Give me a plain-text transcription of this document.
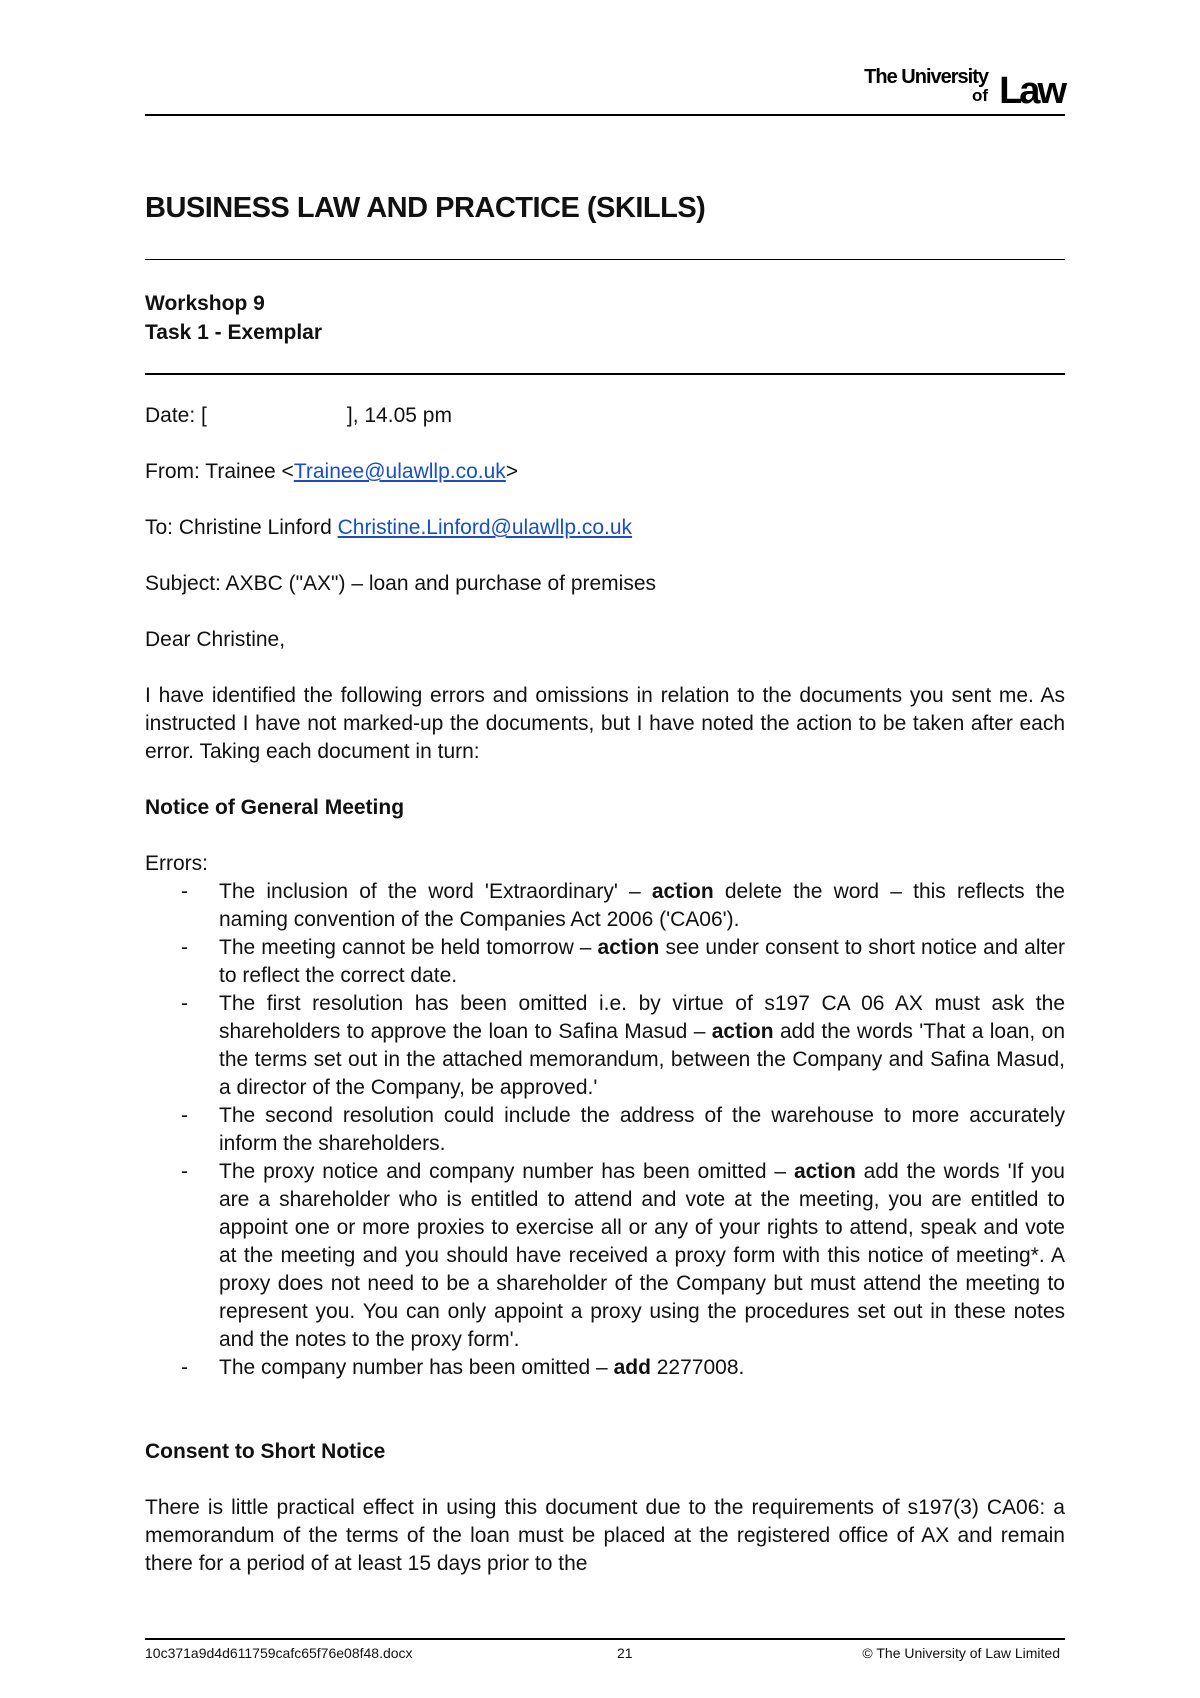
The University
of Law
BUSINESS LAW AND PRACTICE (SKILLS)
Workshop 9
Task 1 - Exemplar

Date: [	], 14.05 pm

From: Trainee <Trainee@ulawllp.co.uk>

To: Christine Linford Christine.Linford@ulawllp.co.uk

Subject: AXBC ("AX") – loan and purchase of premises

Dear Christine,

I have identified the following errors and omissions in relation to the documents you sent me. As instructed I have not marked-up the documents, but I have noted the action to be taken after each error. Taking each document in turn:

Notice of General Meeting

Errors:
- The inclusion of the word 'Extraordinary' – action delete the word – this reflects the naming convention of the Companies Act 2006 ('CA06').
- The meeting cannot be held tomorrow – action see under consent to short notice and alter to reflect the correct date.
- The first resolution has been omitted i.e. by virtue of s197 CA 06 AX must ask the shareholders to approve the loan to Safina Masud – action add the words 'That a loan, on the terms set out in the attached memorandum, between the Company and Safina Masud, a director of the Company, be approved.'
- The second resolution could include the address of the warehouse to more accurately inform the shareholders.
- The proxy notice and company number has been omitted – action add the words 'If you are a shareholder who is entitled to attend and vote at the meeting, you are entitled to appoint one or more proxies to exercise all or any of your rights to attend, speak and vote at the meeting and you should have received a proxy form with this notice of meeting*. A proxy does not need to be a shareholder of the Company but must attend the meeting to represent you. You can only appoint a proxy using the procedures set out in these notes and the notes to the proxy form'.
- The company number has been omitted – add 2277008.

Consent to Short Notice

There is little practical effect in using this document due to the requirements of s197(3) CA06: a memorandum of the terms of the loan must be placed at the registered office of AX and remain there for a period of at least 15 days prior to the

10c371a9d4d611759cafc65f76e08f48.docx	21	© The University of Law Limited
